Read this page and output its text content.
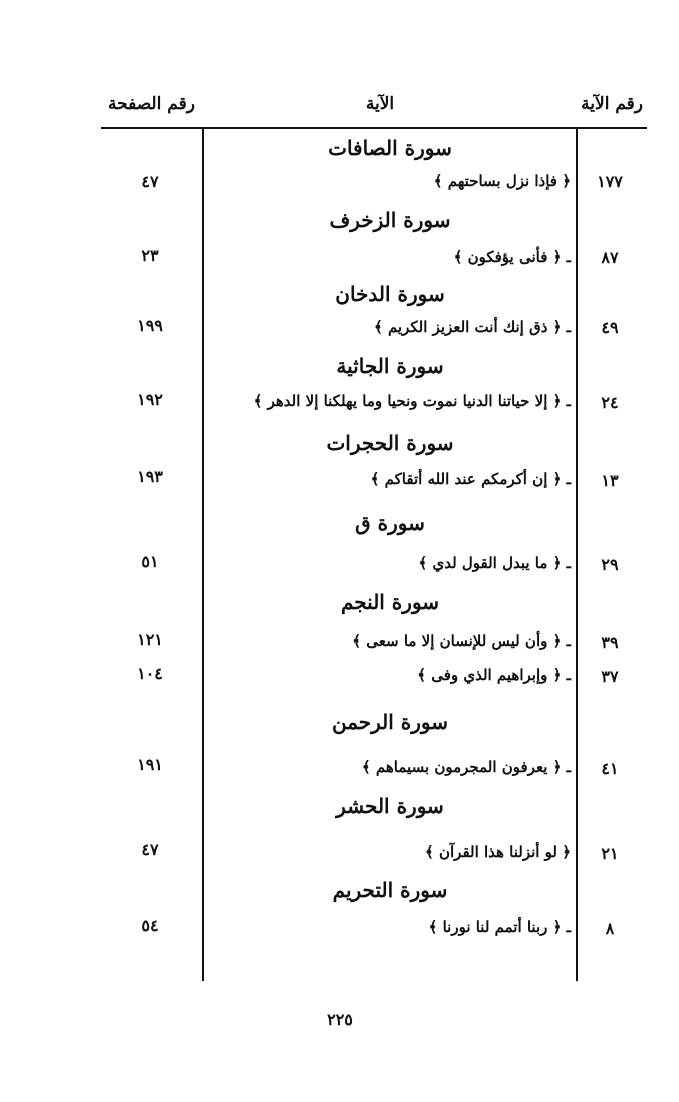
رقم الآية
الآية
رقم الصفحة
سورة الصافات
١٧٧
﴿ فإذا نزل بساحتهم ﴾
٤٧
سورة الزخرف
٨٧
ـ ﴿ فأنى يؤفكون ﴾
٢٣
سورة الدخان
٤٩
ـ ﴿ ذق إنك أنت العزيز الكريم ﴾
١٩٩
سورة الجاثية
٢٤
ـ ﴿ إلا حياتنا الدنيا نموت ونحيا وما يهلكنا إلا الدهر ﴾
١٩٢
سورة الحجرات
١٣
ـ ﴿ إن أكرمكم عند الله أتقاكم ﴾
١٩٣
سورة ق
٢٩
ـ ﴿ ما يبدل القول لدي ﴾
٥١
سورة النجم
٣٩
ـ ﴿ وأن ليس للإنسان إلا ما سعى ﴾
١٢١
٣٧
ـ ﴿ وإبراهيم الذي وفى ﴾
١٠٤
سورة الرحمن
٤١
ـ ﴿ يعرفون المجرمون بسيماهم ﴾
١٩١
سورة الحشر
٢١
﴿ لو أنزلنا هذا القرآن ﴾
٤٧
سورة التحريم
٨
ـ ﴿ ربنا أتمم لنا نورنا ﴾
٥٤
٢٢٥
